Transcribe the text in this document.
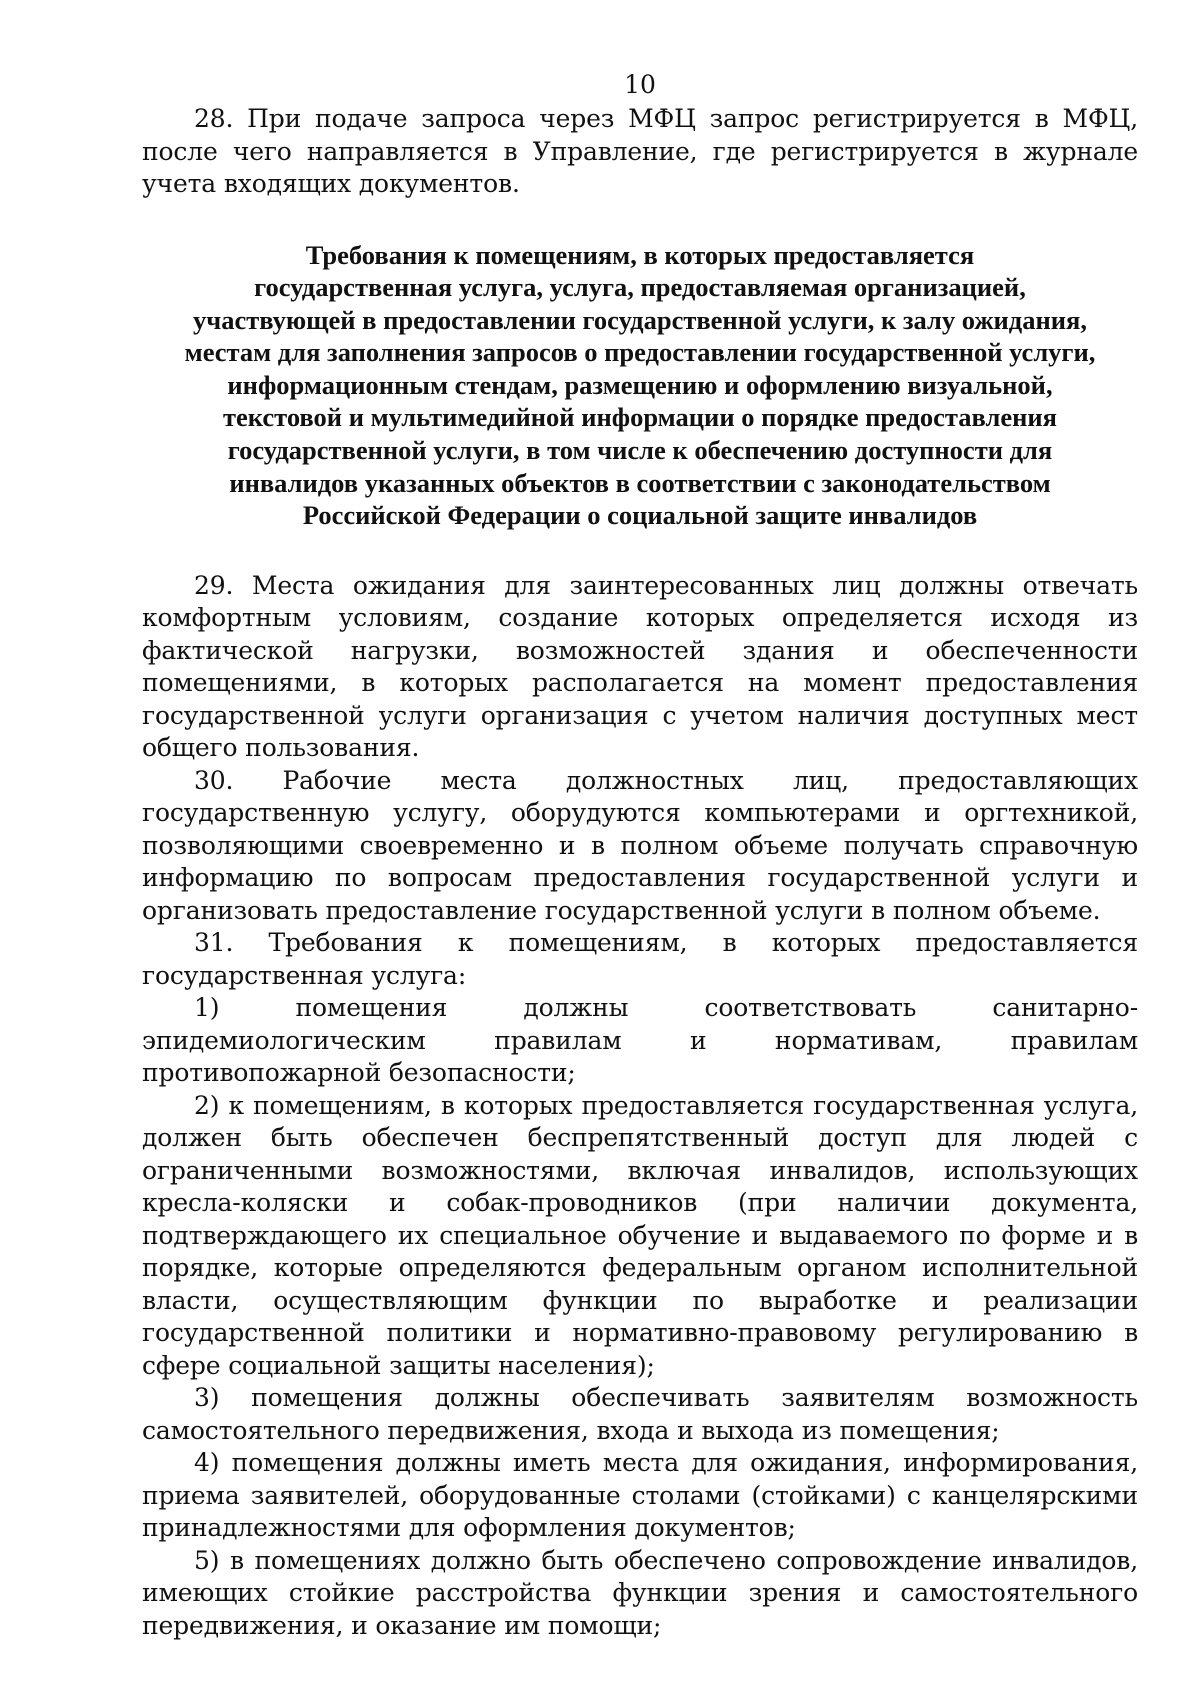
10

28. При подаче запроса через МФЦ запрос регистрируется в МФЦ, после чего направляется в Управление, где регистрируется в журнале учета входящих документов.

Требования к помещениям, в которых предоставляется
государственная услуга, услуга, предоставляемая организацией,
участвующей в предоставлении государственной услуги, к залу ожидания,
местам для заполнения запросов о предоставлении государственной услуги,
информационным стендам, размещению и оформлению визуальной,
текстовой и мультимедийной информации о порядке предоставления
государственной услуги, в том числе к обеспечению доступности для
инвалидов указанных объектов в соответствии с законодательством
Российской Федерации о социальной защите инвалидов

29. Места ожидания для заинтересованных лиц должны отвечать комфортным условиям, создание которых определяется исходя из фактической нагрузки, возможностей здания и обеспеченности помещениями, в которых располагается на момент предоставления государственной услуги организация с учетом наличия доступных мест общего пользования.

30. Рабочие места должностных лиц, предоставляющих государственную услугу, оборудуются компьютерами и оргтехникой, позволяющими своевременно и в полном объеме получать справочную информацию по вопросам предоставления государственной услуги и организовать предоставление государственной услуги в полном объеме.

31. Требования к помещениям, в которых предоставляется государственная услуга:

1) помещения должны соответствовать санитарно-эпидемиологическим правилам и нормативам, правилам противопожарной безопасности;

2) к помещениям, в которых предоставляется государственная услуга, должен быть обеспечен беспрепятственный доступ для людей с ограниченными возможностями, включая инвалидов, использующих кресла-коляски и собак-проводников (при наличии документа, подтверждающего их специальное обучение и выдаваемого по форме и в порядке, которые определяются федеральным органом исполнительной власти, осуществляющим функции по выработке и реализации государственной политики и нормативно-правовому регулированию в сфере социальной защиты населения);

3) помещения должны обеспечивать заявителям возможность самостоятельного передвижения, входа и выхода из помещения;

4) помещения должны иметь места для ожидания, информирования, приема заявителей, оборудованные столами (стойками) с канцелярскими принадлежностями для оформления документов;

5) в помещениях должно быть обеспечено сопровождение инвалидов, имеющих стойкие расстройства функции зрения и самостоятельного передвижения, и оказание им помощи;
